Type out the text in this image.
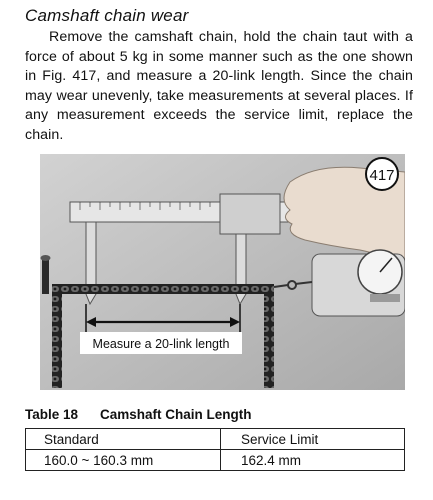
Camshaft chain wear
Remove the camshaft chain, hold the chain taut with a force of about 5 kg in some manner such as the one shown in Fig. 417, and measure a 20-link length. Since the chain may wear unevenly, take measurements at several places. If any measurement exceeds the service limit, replace the chain.
Measure a 20-link length
417
Table 18 Camshaft Chain Length
Standard	Service Limit
160.0 ~ 160.3 mm	162.4 mm
